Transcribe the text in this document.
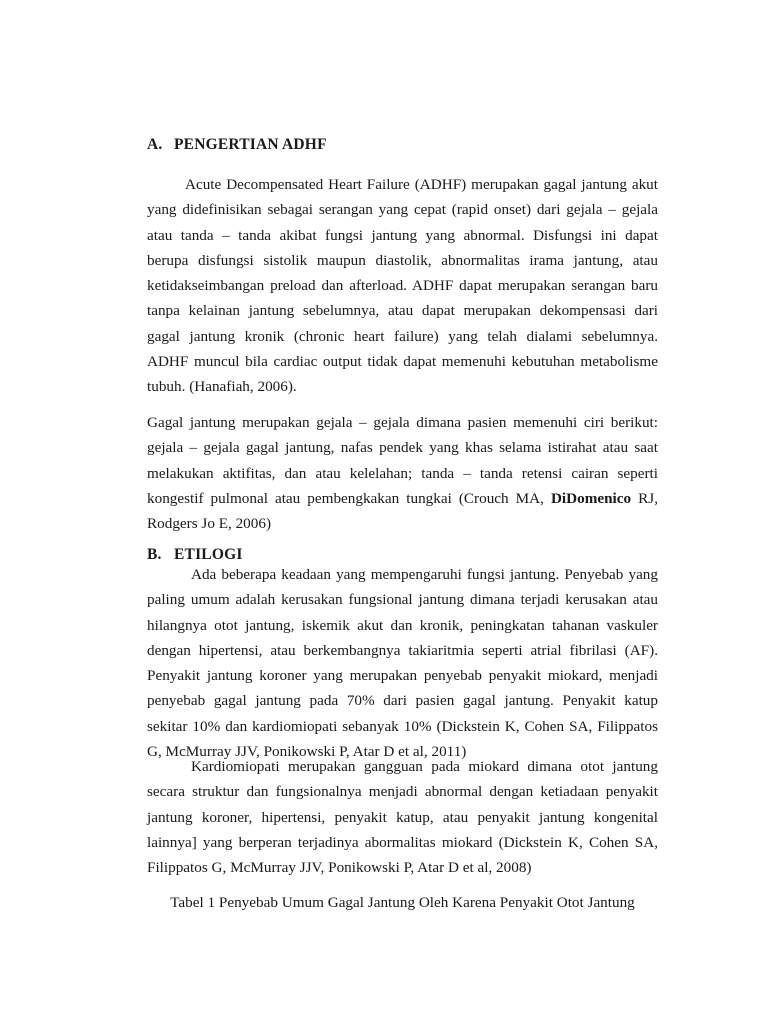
A. PENGERTIAN ADHF
Acute Decompensated Heart Failure (ADHF) merupakan gagal jantung akut
yang didefinisikan sebagai serangan yang cepat (rapid onset) dari gejala – gejala
atau tanda – tanda akibat fungsi jantung yang abnormal. Disfungsi ini dapat
berupa disfungsi sistolik maupun diastolik, abnormalitas irama jantung, atau
ketidakseimbangan preload dan afterload. ADHF dapat merupakan serangan baru
tanpa kelainan jantung sebelumnya, atau dapat merupakan dekompensasi dari
gagal jantung kronik (chronic heart failure) yang telah dialami sebelumnya.
ADHF muncul bila cardiac output tidak dapat memenuhi kebutuhan metabolisme
tubuh. (Hanafiah, 2006).
Gagal jantung merupakan gejala – gejala dimana pasien memenuhi ciri berikut:
gejala – gejala gagal jantung, nafas pendek yang khas selama istirahat atau saat
melakukan aktifitas, dan atau kelelahan; tanda – tanda retensi cairan seperti
kongestif pulmonal atau pembengkakan tungkai (Crouch MA, DiDomenico RJ,
Rodgers Jo E, 2006)
B. ETILOGI
Ada beberapa keadaan yang mempengaruhi fungsi jantung. Penyebab yang
paling umum adalah kerusakan fungsional jantung dimana terjadi kerusakan atau
hilangnya otot jantung, iskemik akut dan kronik, peningkatan tahanan vaskuler
dengan hipertensi, atau berkembangnya takiaritmia seperti atrial fibrilasi (AF).
Penyakit jantung koroner yang merupakan penyebab penyakit miokard, menjadi
penyebab gagal jantung pada 70% dari pasien gagal jantung. Penyakit katup
sekitar 10% dan kardiomiopati sebanyak 10% (Dickstein K, Cohen SA, Filippatos
G, McMurray JJV, Ponikowski P, Atar D et al, 2011)
Kardiomiopati merupakan gangguan pada miokard dimana otot jantung
secara struktur dan fungsionalnya menjadi abnormal dengan ketiadaan penyakit
jantung koroner, hipertensi, penyakit katup, atau penyakit jantung kongenital
lainnya] yang berperan terjadinya abormalitas miokard (Dickstein K, Cohen SA,
Filippatos G, McMurray JJV, Ponikowski P, Atar D et al, 2008)
Tabel 1 Penyebab Umum Gagal Jantung Oleh Karena Penyakit Otot Jantung
